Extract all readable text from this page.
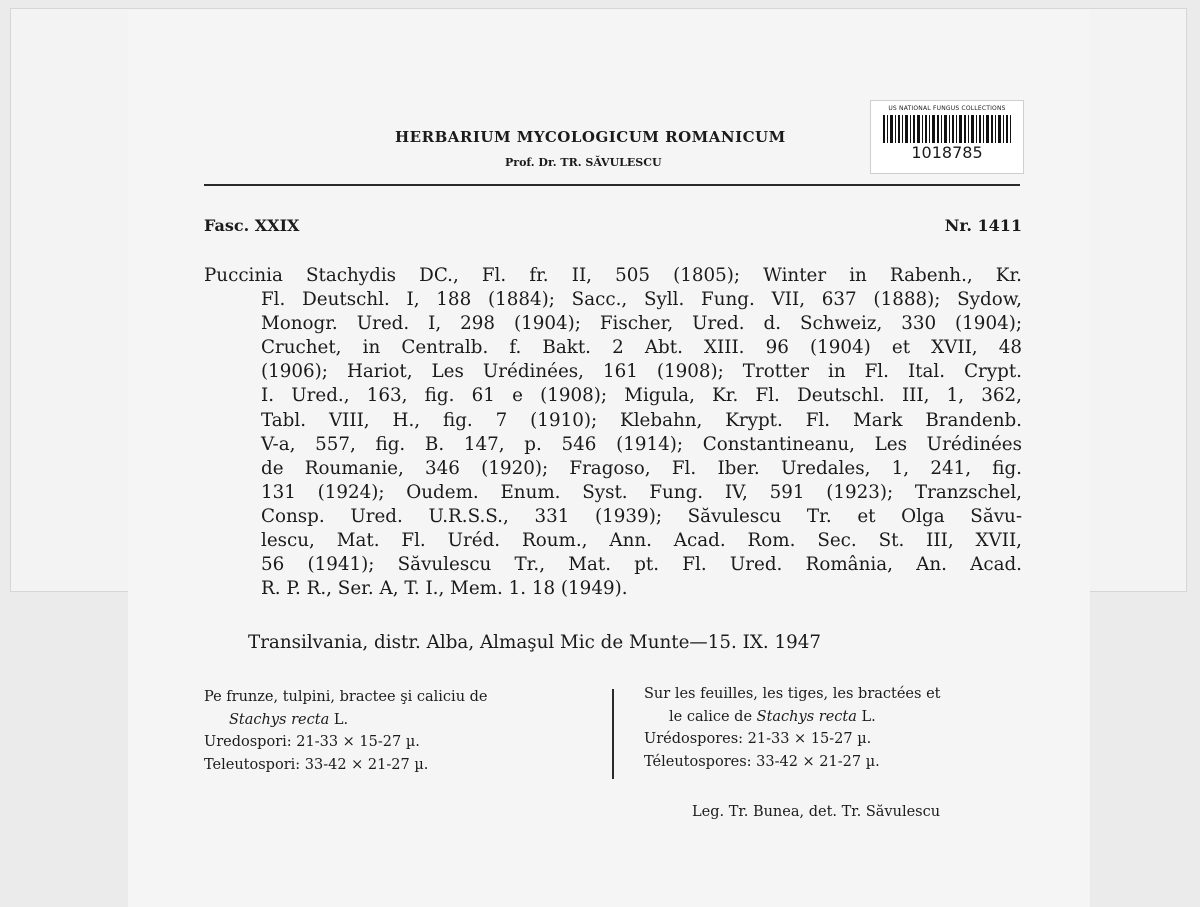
US NATIONAL FUNGUS COLLECTIONS
1018785
HERBARIUM MYCOLOGICUM ROMANICUM
Prof. Dr. TR. SĂVULESCU
Fasc. XXIX	Nr. 1411
Puccinia Stachydis DC., Fl. fr. II, 505 (1805); Winter in Rabenh., Kr.
Fl. Deutschl. I, 188 (1884); Sacc., Syll. Fung. VII, 637 (1888); Sydow,
Monogr. Ured. I, 298 (1904); Fischer, Ured. d. Schweiz, 330 (1904);
Cruchet, in Centralb. f. Bakt. 2 Abt. XIII. 96 (1904) et XVII, 48
(1906); Hariot, Les Urédinées, 161 (1908); Trotter in Fl. Ital. Crypt.
I. Ured., 163, fig. 61 e (1908); Migula, Kr. Fl. Deutschl. III, 1, 362,
Tabl. VIII, H., fig. 7 (1910); Klebahn, Krypt. Fl. Mark Brandenb.
V-a, 557, fig. B. 147, p. 546 (1914); Constantineanu, Les Urédinées
de Roumanie, 346 (1920); Fragoso, Fl. Iber. Uredales, 1, 241, fig.
131 (1924); Oudem. Enum. Syst. Fung. IV, 591 (1923); Tranzschel,
Consp. Ured. U.R.S.S., 331 (1939); Săvulescu Tr. et Olga Săvu-
lescu, Mat. Fl. Uréd. Roum., Ann. Acad. Rom. Sec. St. III, XVII,
56 (1941); Săvulescu Tr., Mat. pt. Fl. Ured. România, An. Acad.
R. P. R., Ser. A, T. I., Mem. 1. 18 (1949).
Transilvania, distr. Alba, Almaşul Mic de Munte—15. IX. 1947
Pe frunze, tulpini, bractee şi caliciu de
Stachys recta L.
Uredospori: 21-33 × 15-27 µ.
Teleutospori: 33-42 × 21-27 µ.
Sur les feuilles, les tiges, les bractées et
le calice de Stachys recta L.
Urédospores: 21-33 × 15-27 µ.
Téleutospores: 33-42 × 21-27 µ.
Leg. Tr. Bunea, det. Tr. Săvulescu
